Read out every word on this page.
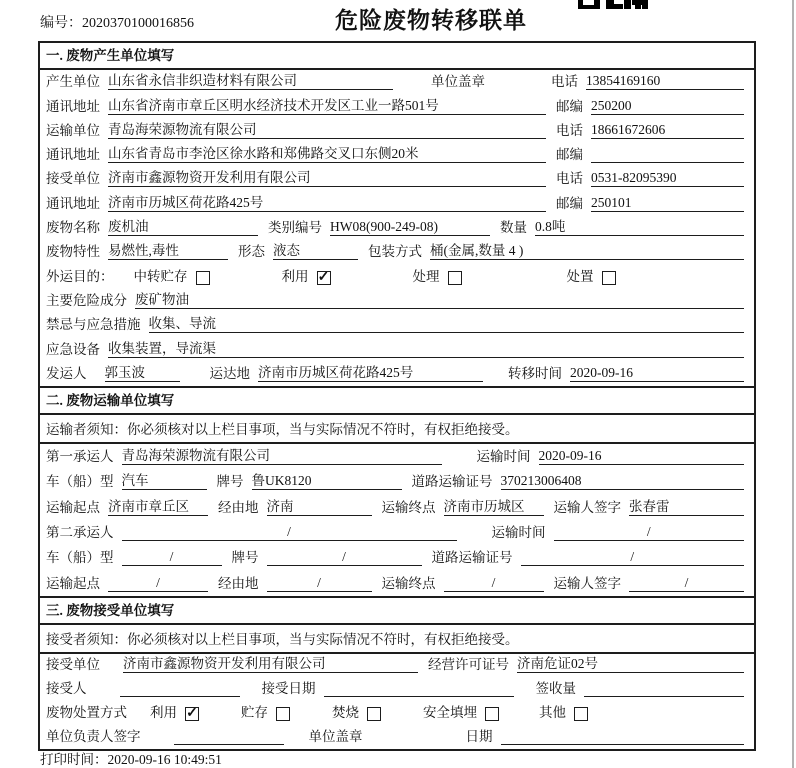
编号：2020370100016856	危险废物转移联单
一. 废物产生单位填写
产生单位 山东省永信非织造材料有限公司	单位盖章	电话 13854169160
通讯地址 山东省济南市章丘区明水经济技术开发区工业一路501号	邮编 250200
运输单位 青岛海荣源物流有限公司	电话 18661672606
通讯地址 山东省青岛市李沧区徐水路和郑佛路交叉口东侧20米	邮编
接受单位 济南市鑫源物资开发利用有限公司	电话 0531-82095390
通讯地址 济南市历城区荷花路425号	邮编 250101
废物名称 废机油	类别编号 HW08(900-249-08)	数量 0.8吨
废物特性 易燃性,毒性	形态 液态	包装方式 桶(金属,数量 4 )
外运目的： 中转贮存	利用 ✓	处理	处置
主要危险成分 废矿物油
禁忌与应急措施 收集、导流
应急设备 收集装置，导流渠
发运人 郭玉波	运达地 济南市历城区荷花路425号	转移时间 2020-09-16
二. 废物运输单位填写
运输者须知：你必须核对以上栏目事项，当与实际情况不符时，有权拒绝接受。
第一承运人 青岛海荣源物流有限公司	运输时间 2020-09-16
车（船）型 汽车	牌号 鲁UK8120	道路运输证号 370213006408
运输起点 济南市章丘区	经由地 济南	运输终点 济南市历城区	运输人签字 张春雷
第二承运人	/	运输时间	/
车（船）型	/	牌号	/	道路运输证号	/
运输起点	/	经由地	/	运输终点	/	运输人签字	/
三. 废物接受单位填写
接受者须知：你必须核对以上栏目事项，当与实际情况不符时，有权拒绝接受。
接受单位 济南市鑫源物资开发利用有限公司	经营许可证号 济南危证02号
接受人	接受日期	签收量
废物处置方式 利用 ✓	贮存	焚烧	安全填埋	其他
单位负责人签字	单位盖章	日期
打印时间：2020-09-16 10:49:51
